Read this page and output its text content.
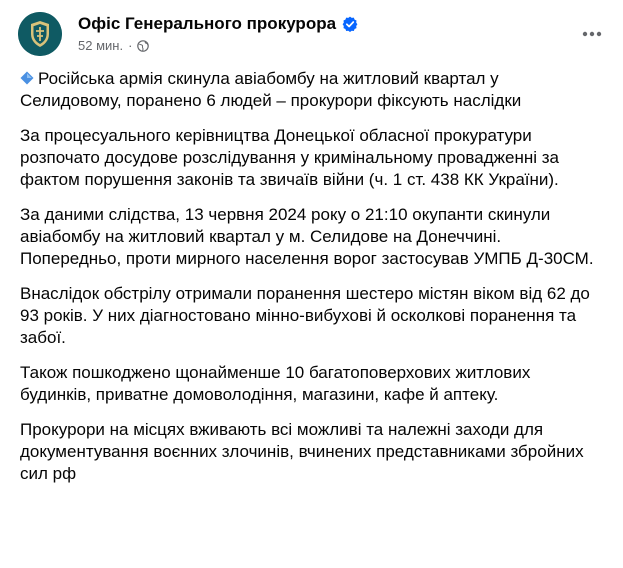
Офіс Генерального прокурора
52 мин. ·

Російська армія скинула авіабомбу на житловий квартал у Селидовому, поранено 6 людей – прокурори фіксують наслідки

За процесуального керівництва Донецької обласної прокуратури розпочато досудове розслідування у кримінальному провадженні за фактом порушення законів та звичаїв війни (ч. 1 ст. 438 КК України).

За даними слідства, 13 червня 2024 року о 21:10 окупанти скинули авіабомбу на житловий квартал у м. Селидове на Донеччині. Попередньо, проти мирного населення ворог застосував УМПБ Д-30СМ.

Внаслідок обстрілу отримали поранення шестеро містян віком від 62 до 93 років. У них діагностовано мінно-вибухові й осколкові поранення та забої.

Також пошкоджено щонайменше 10 багатоповерхових житлових будинків, приватне домоволодіння, магазини, кафе й аптеку.

Прокурори на місцях вживають всі можливі та належні заходи для документування воєнних злочинів, вчинених представниками збройних сил рф
